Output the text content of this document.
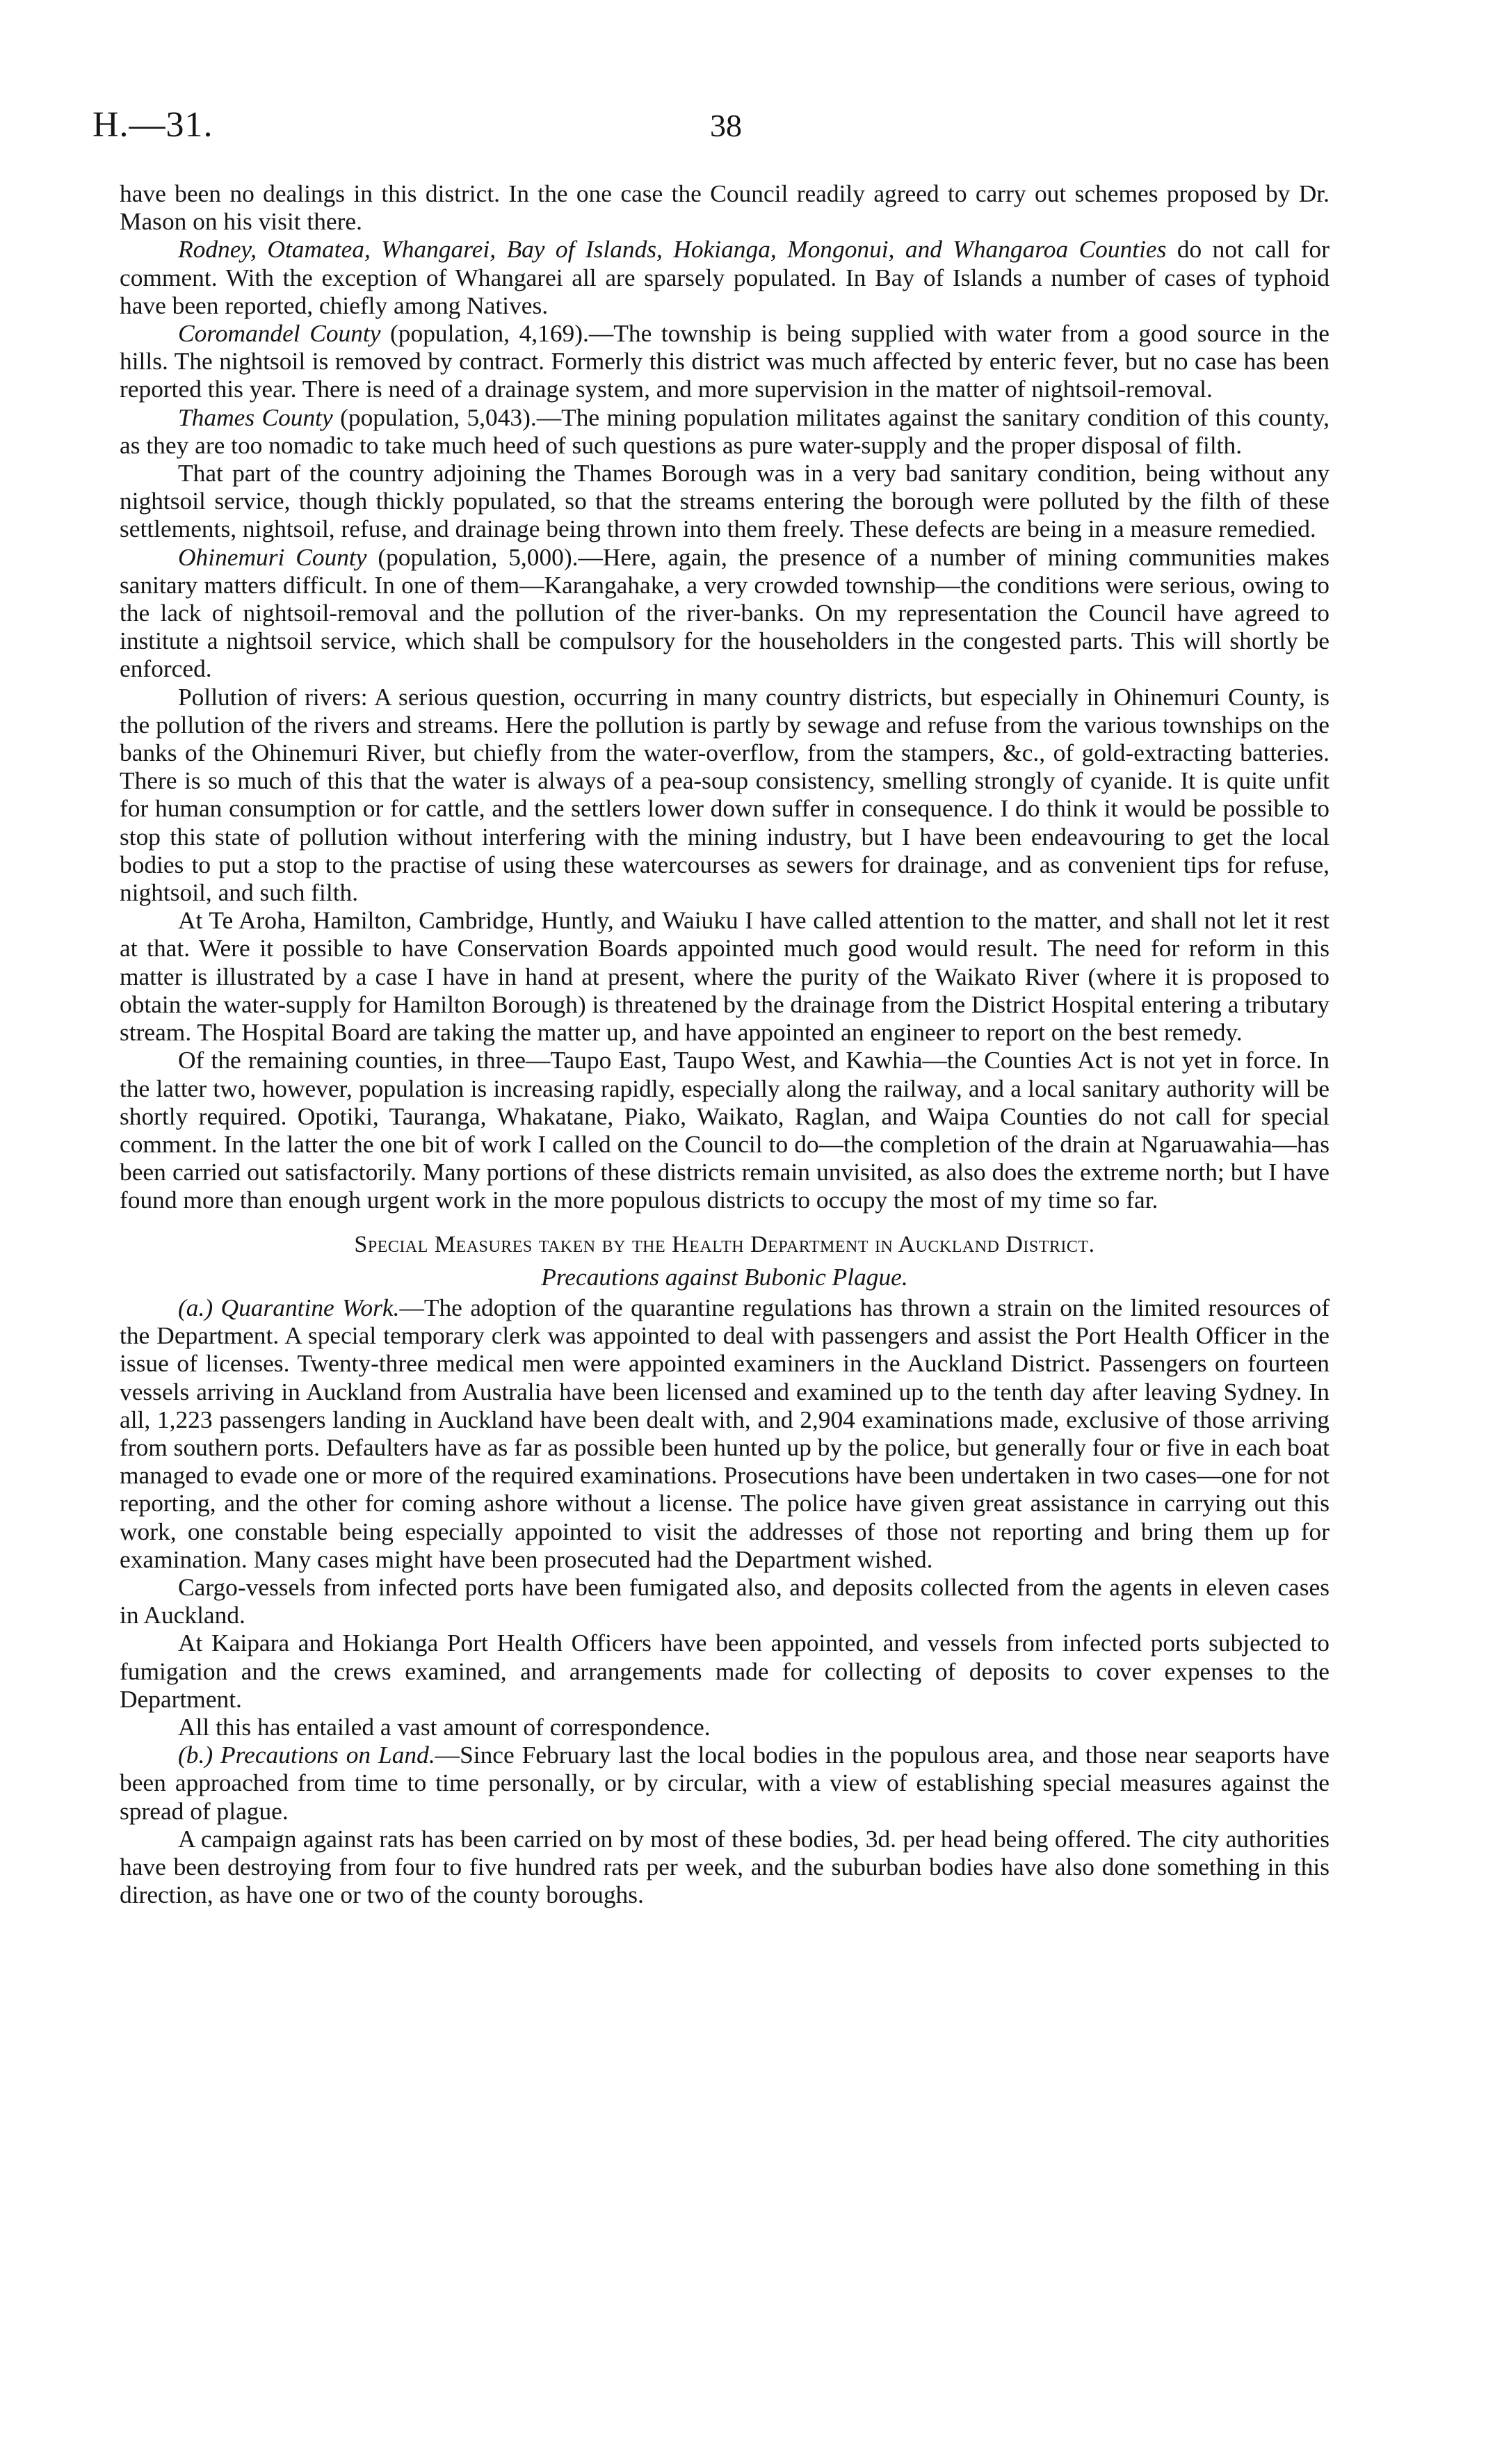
H.—31.	38

have been no dealings in this district. In the one case the Council readily agreed to carry out schemes proposed by Dr. Mason on his visit there.

Rodney, Otamatea, Whangarei, Bay of Islands, Hokianga, Mongonui, and Whangaroa Counties do not call for comment. With the exception of Whangarei all are sparsely populated. In Bay of Islands a number of cases of typhoid have been reported, chiefly among Natives.

Coromandel County (population, 4,169).—The township is being supplied with water from a good source in the hills. The nightsoil is removed by contract. Formerly this district was much affected by enteric fever, but no case has been reported this year. There is need of a drainage system, and more supervision in the matter of nightsoil-removal.

Thames County (population, 5,043).—The mining population militates against the sanitary condition of this county, as they are too nomadic to take much heed of such questions as pure water-supply and the proper disposal of filth.

That part of the country adjoining the Thames Borough was in a very bad sanitary condition, being without any nightsoil service, though thickly populated, so that the streams entering the borough were polluted by the filth of these settlements, nightsoil, refuse, and drainage being thrown into them freely. These defects are being in a measure remedied.

Ohinemuri County (population, 5,000).—Here, again, the presence of a number of mining communities makes sanitary matters difficult. In one of them—Karangahake, a very crowded township—the conditions were serious, owing to the lack of nightsoil-removal and the pollution of the river-banks. On my representation the Council have agreed to institute a nightsoil service, which shall be compulsory for the householders in the congested parts. This will shortly be enforced.

Pollution of rivers: A serious question, occurring in many country districts, but especially in Ohinemuri County, is the pollution of the rivers and streams. Here the pollution is partly by sewage and refuse from the various townships on the banks of the Ohinemuri River, but chiefly from the water-overflow, from the stampers, &c., of gold-extracting batteries. There is so much of this that the water is always of a pea-soup consistency, smelling strongly of cyanide. It is quite unfit for human consumption or for cattle, and the settlers lower down suffer in consequence. I do think it would be possible to stop this state of pollution without interfering with the mining industry, but I have been endeavouring to get the local bodies to put a stop to the practise of using these watercourses as sewers for drainage, and as convenient tips for refuse, nightsoil, and such filth.

At Te Aroha, Hamilton, Cambridge, Huntly, and Waiuku I have called attention to the matter, and shall not let it rest at that. Were it possible to have Conservation Boards appointed much good would result. The need for reform in this matter is illustrated by a case I have in hand at present, where the purity of the Waikato River (where it is proposed to obtain the water-supply for Hamilton Borough) is threatened by the drainage from the District Hospital entering a tributary stream. The Hospital Board are taking the matter up, and have appointed an engineer to report on the best remedy.

Of the remaining counties, in three—Taupo East, Taupo West, and Kawhia—the Counties Act is not yet in force. In the latter two, however, population is increasing rapidly, especially along the railway, and a local sanitary authority will be shortly required. Opotiki, Tauranga, Whakatane, Piako, Waikato, Raglan, and Waipa Counties do not call for special comment. In the latter the one bit of work I called on the Council to do—the completion of the drain at Ngaruawahia—has been carried out satisfactorily. Many portions of these districts remain unvisited, as also does the extreme north; but I have found more than enough urgent work in the more populous districts to occupy the most of my time so far.

Special Measures taken by the Health Department in Auckland District.

Precautions against Bubonic Plague.

(a.) Quarantine Work.—The adoption of the quarantine regulations has thrown a strain on the limited resources of the Department. A special temporary clerk was appointed to deal with passengers and assist the Port Health Officer in the issue of licenses. Twenty-three medical men were appointed examiners in the Auckland District. Passengers on fourteen vessels arriving in Auckland from Australia have been licensed and examined up to the tenth day after leaving Sydney. In all, 1,223 passengers landing in Auckland have been dealt with, and 2,904 examinations made, exclusive of those arriving from southern ports. Defaulters have as far as possible been hunted up by the police, but generally four or five in each boat managed to evade one or more of the required examinations. Prosecutions have been undertaken in two cases—one for not reporting, and the other for coming ashore without a license. The police have given great assistance in carrying out this work, one constable being especially appointed to visit the addresses of those not reporting and bring them up for examination. Many cases might have been prosecuted had the Department wished.

Cargo-vessels from infected ports have been fumigated also, and deposits collected from the agents in eleven cases in Auckland.

At Kaipara and Hokianga Port Health Officers have been appointed, and vessels from infected ports subjected to fumigation and the crews examined, and arrangements made for collecting of deposits to cover expenses to the Department.

All this has entailed a vast amount of correspondence.

(b.) Precautions on Land.—Since February last the local bodies in the populous area, and those near seaports have been approached from time to time personally, or by circular, with a view of establishing special measures against the spread of plague.

A campaign against rats has been carried on by most of these bodies, 3d. per head being offered. The city authorities have been destroying from four to five hundred rats per week, and the suburban bodies have also done something in this direction, as have one or two of the county boroughs.
